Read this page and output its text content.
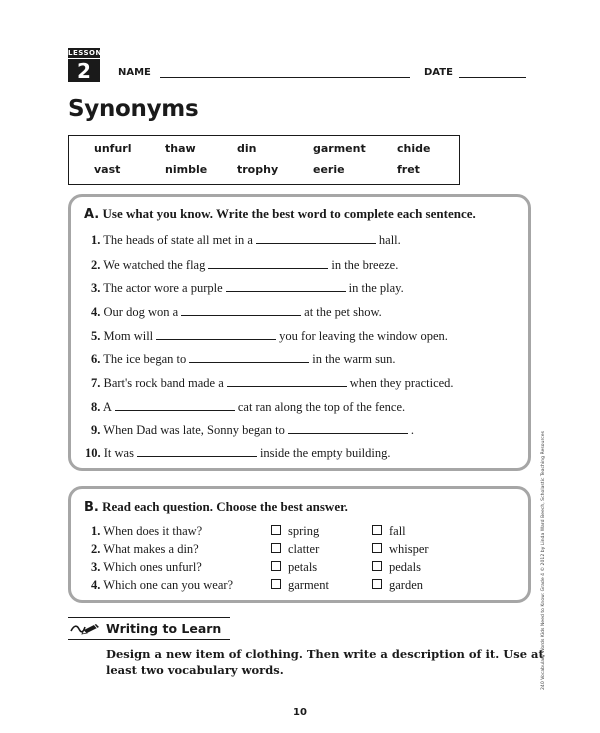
LESSON
2	NAME	DATE
Synonyms
unfurl	thaw	din	garment	chide
vast	nimble	trophy	eerie	fret
A. Use what you know. Write the best word to complete each sentence.
1. The heads of state all met in a	hall.
2. We watched the flag	in the breeze.
3. The actor wore a purple	in the play.
4. Our dog won a	at the pet show.
5. Mom will	you for leaving the window open.
6. The ice began to	in the warm sun.
7. Bart's rock band made a	when they practiced.
8. A	cat ran along the top of the fence.
9. When Dad was late, Sonny began to	.
10. It was	inside the empty building.
B. Read each question. Choose the best answer.
1. When does it thaw?	spring	fall
2. What makes a din?	clatter	whisper
3. Which ones unfurl?	petals	pedals
4. Which one can you wear?	garment	garden
Writing to Learn
Design a new item of clothing. Then write a description of it. Use at
least two vocabulary words.	240 Vocabulary Words Kids Need to Know: Grade 4 © 2012 by Linda Ward Beech, Scholastic Teaching Resources
10
